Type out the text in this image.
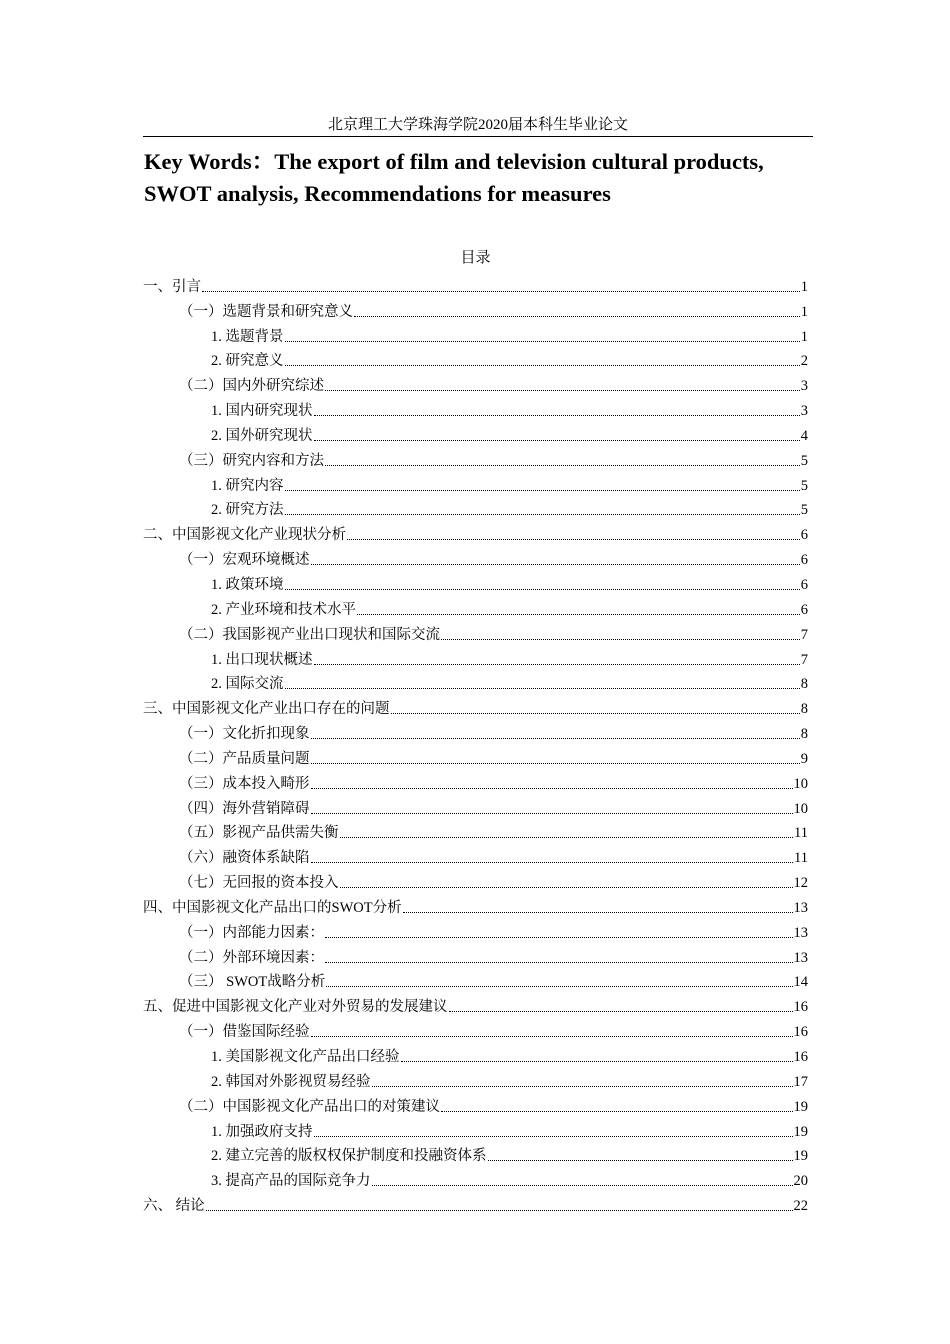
北京理工大学珠海学院2020届本科生毕业论文
Key Words：The export of film and television cultural products,
SWOT analysis, Recommendations for measures
目录
一、引言	1
（一）选题背景和研究意义	1
1. 选题背景	1
2. 研究意义	2
（二）国内外研究综述	3
1. 国内研究现状	3
2. 国外研究现状	4
（三）研究内容和方法	5
1. 研究内容	5
2. 研究方法	5
二、中国影视文化产业现状分析	6
（一）宏观环境概述	6
1. 政策环境	6
2. 产业环境和技术水平	6
（二）我国影视产业出口现状和国际交流	7
1. 出口现状概述	7
2. 国际交流	8
三、中国影视文化产业出口存在的问题	8
（一）文化折扣现象	8
（二）产品质量问题	9
（三）成本投入畸形	10
（四）海外营销障碍	10
（五）影视产品供需失衡	11
（六）融资体系缺陷	11
（七）无回报的资本投入	12
四、中国影视文化产品出口的SWOT分析	13
（一）内部能力因素：	13
（二）外部环境因素：	13
（三） SWOT战略分析	14
五、促进中国影视文化产业对外贸易的发展建议	16
（一）借鉴国际经验	16
1. 美国影视文化产品出口经验	16
2. 韩国对外影视贸易经验	17
（二）中国影视文化产品出口的对策建议	19
1. 加强政府支持	19
2. 建立完善的版权权保护制度和投融资体系	19
3. 提高产品的国际竞争力	20
六、 结论	22
